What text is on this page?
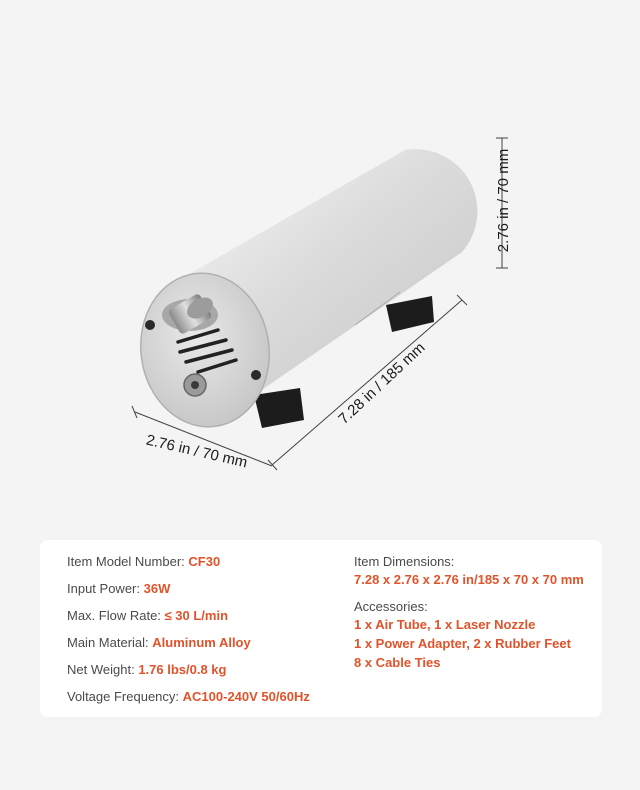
2.76 in / 70 mm
7.28 in / 185 mm
2.76 in / 70 mm
Item Model Number: CF30
Input Power: 36W
Max. Flow Rate: ≤ 30 L/min
Main Material: Aluminum Alloy
Net Weight: 1.76 lbs/0.8 kg
Voltage Frequency: AC100-240V 50/60Hz
Item Dimensions:
7.28 x 2.76 x 2.76 in/185 x 70 x 70 mm
Accessories:
1 x Air Tube, 1 x Laser Nozzle
1 x Power Adapter, 2 x Rubber Feet
8 x Cable Ties
